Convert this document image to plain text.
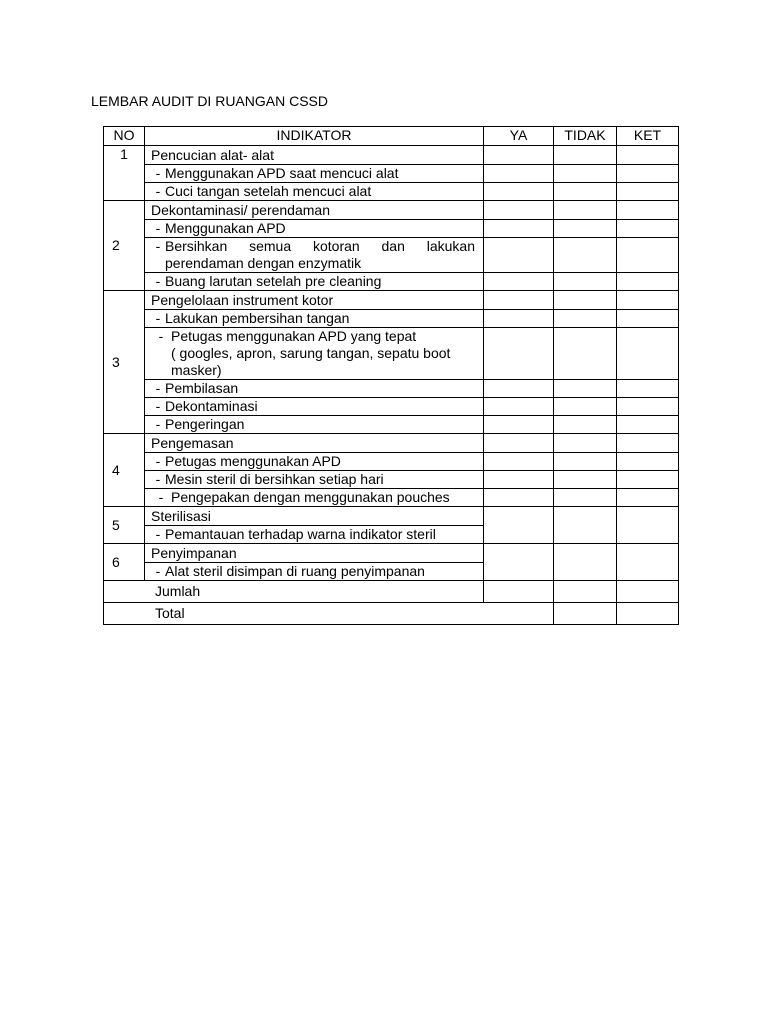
LEMBAR AUDIT DI RUANGAN CSSD
NO	INDIKATOR	YA	TIDAK	KET
1	Pencucian alat- alat			
	- Menggunakan APD saat mencuci alat			
	- Cuci tangan setelah mencuci alat			
2	Dekontaminasi/ perendaman			
	- Menggunakan APD			
	- Bersihkan semua kotoran dan lakukan
perendaman dengan enzymatik			

	- Buang larutan setelah pre cleaning			
3	Pengelolaan instrument kotor			
	- Lakukan pembersihan tangan			
	- Petugas menggunakan APD yang tepat
( googles, apron, sarung tangan, sepatu boot
masker)			

	- Pembilasan			
	- Dekontaminasi			
	- Pengeringan			
4	Pengemasan			
	- Petugas menggunakan APD			
	- Mesin steril di bersihkan setiap hari			
	- Pengepakan dengan menggunakan pouches			
5	Sterilisasi			
	- Pemantauan terhadap warna indikator steril			
6	Penyimpanan			
	- Alat steril disimpan di ruang penyimpanan			
Jumlah				
Total				
